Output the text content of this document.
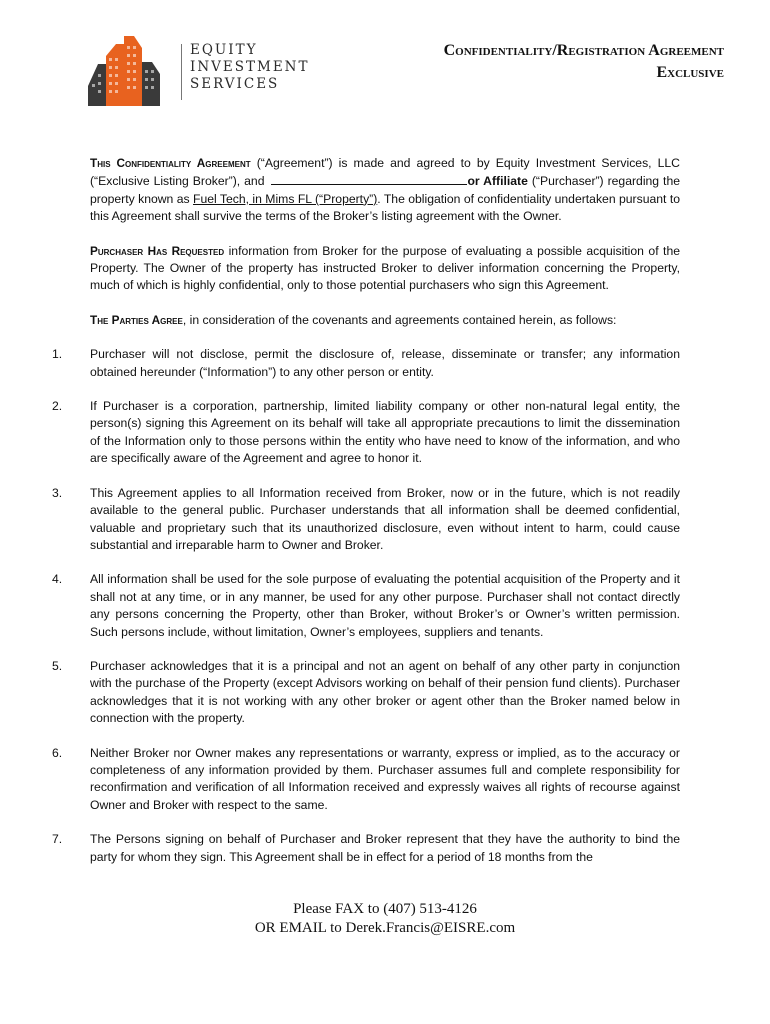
EQUITY
INVESTMENT
SERVICES
Confidentiality/Registration Agreement
Exclusive

This Confidentiality Agreement (“Agreement”) is made and agreed to by Equity Investment Services, LLC (“Exclusive Listing Broker”), and	or Affiliate (“Purchaser”) regarding the property known as Fuel Tech, in Mims FL (“Property”). The obligation of confidentiality undertaken pursuant to this Agreement shall survive the terms of the Broker’s listing agreement with the Owner.

Purchaser Has Requested information from Broker for the purpose of evaluating a possible acquisition of the Property. The Owner of the property has instructed Broker to deliver information concerning the Property, much of which is highly confidential, only to those potential purchasers who sign this Agreement.

The Parties Agree, in consideration of the covenants and agreements contained herein, as follows:

1.	Purchaser will not disclose, permit the disclosure of, release, disseminate or transfer; any information obtained hereunder (“Information”) to any other person or entity.
2.	If Purchaser is a corporation, partnership, limited liability company or other non-natural legal entity, the person(s) signing this Agreement on its behalf will take all appropriate precautions to limit the dissemination of the Information only to those persons within the entity who have need to know of the information, and who are specifically aware of the Agreement and agree to honor it.
3.	This Agreement applies to all Information received from Broker, now or in the future, which is not readily available to the general public. Purchaser understands that all information shall be deemed confidential, valuable and proprietary such that its unauthorized disclosure, even without intent to harm, could cause substantial and irreparable harm to Owner and Broker.
4.	All information shall be used for the sole purpose of evaluating the potential acquisition of the Property and it shall not at any time, or in any manner, be used for any other purpose. Purchaser shall not contact directly any persons concerning the Property, other than Broker, without Broker’s or Owner’s written permission. Such persons include, without limitation, Owner’s employees, suppliers and tenants.
5.	Purchaser acknowledges that it is a principal and not an agent on behalf of any other party in conjunction with the purchase of the Property (except Advisors working on behalf of their pension fund clients). Purchaser acknowledges that it is not working with any other broker or agent other than the Broker named below in connection with the property.
6.	Neither Broker nor Owner makes any representations or warranty, express or implied, as to the accuracy or completeness of any information provided by them. Purchaser assumes full and complete responsibility for reconfirmation and verification of all Information received and expressly waives all rights of recourse against Owner and Broker with respect to the same.
7.	The Persons signing on behalf of Purchaser and Broker represent that they have the authority to bind the party for whom they sign. This Agreement shall be in effect for a period of 18 months from the
Please FAX to (407) 513-4126
OR EMAIL to Derek.Francis@EISRE.com
